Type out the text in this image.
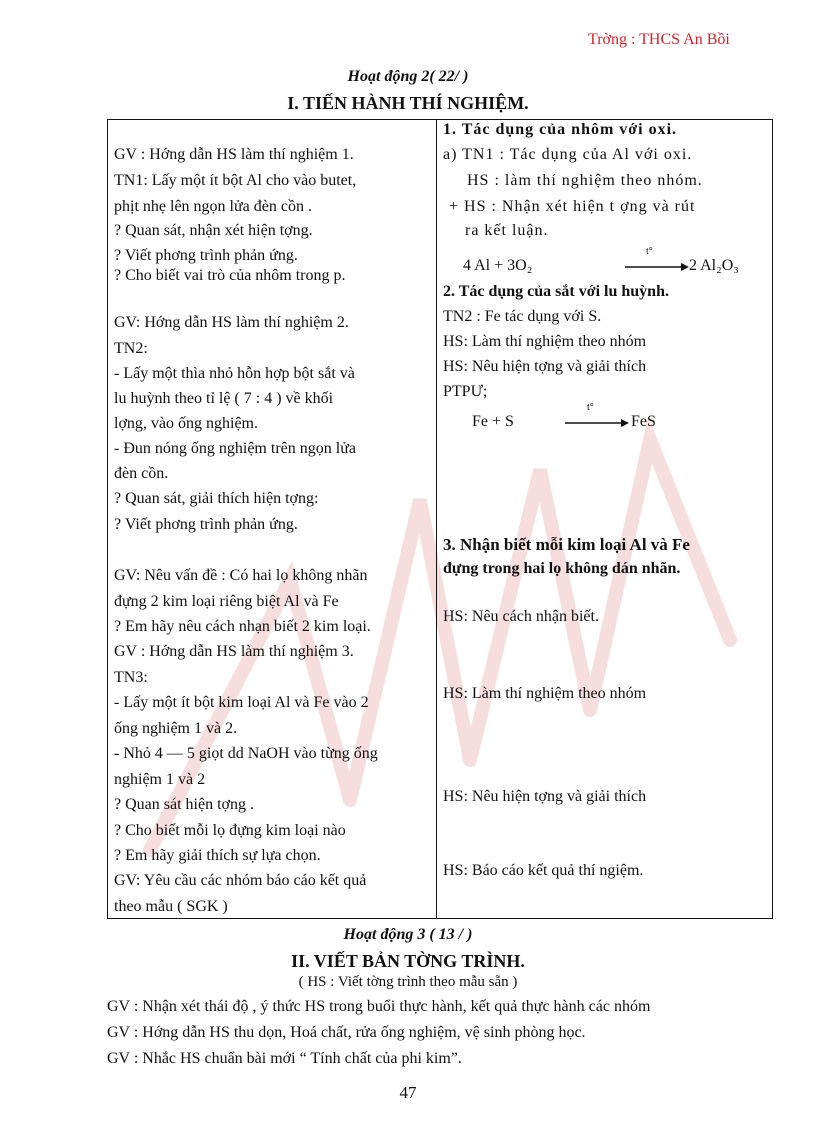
Trờng : THCS An Bồi
Hoạt động 2( 22/ )
I. TIẾN HÀNH THÍ NGHIỆM.
GV : Hớng dẫn HS làm thí nghiệm 1.
TN1: Lấy một ít bột Al cho vào butet,
phịt nhẹ lên ngọn lửa đèn cồn .
? Quan sát, nhận xét hiện tợng.
? Viết phơng trình phản ứng.
? Cho biết vai trò của nhôm trong p.
GV: Hớng dẫn HS làm thí nghiệm 2.
TN2:
- Lấy một thìa nhỏ hỗn hợp bột sắt và
lu huỳnh theo tỉ lệ ( 7 : 4 ) về khối
lợng, vào ống nghiệm.
- Đun nóng ống nghiệm trên ngọn lửa
đèn cồn.
? Quan sát, giải thích hiện tợng:
? Viết phơng trình phản ứng.
GV: Nêu vấn đề : Có hai lọ không nhãn
đựng 2 kim loại riêng biệt Al và Fe
? Em hãy nêu cách nhạn biết 2 kim loại.
GV : Hớng dẫn HS làm thí nghiệm 3.
TN3:
- Lấy một ít bột kim loại Al và Fe vào 2
ống nghiệm 1 và 2.
- Nhỏ 4 — 5 giọt dd NaOH vào từng ống
nghiệm 1 và 2
? Quan sát hiện tợng .
? Cho biết mỗi lọ đựng kim loại nào
? Em hãy giải thích sự lựa chọn.
GV: Yêu cầu các nhóm báo cáo kết quả
theo mẫu ( SGK )
1. Tác dụng của nhôm với oxi.
a) TN1 : Tác dụng của Al với oxi.
HS : làm thí nghiệm theo nhóm.
+ HS : Nhận xét hiện t ợng và rút
ra kết luận.
4 Al + 3O₂
t°
2 Al₂O₃
2. Tác dụng của sắt với lu huỳnh.
TN2 : Fe tác dụng với S.
HS: Làm thí nghiệm theo nhóm
HS: Nêu hiện tợng và giải thích
PTPƯ;
Fe + S
t°
FeS
3. Nhận biết mỗi kim loại Al và Fe
đựng trong hai lọ không dán nhãn.
HS: Nêu cách nhận biết.
HS: Làm thí nghiệm theo nhóm
HS: Nêu hiện tợng và giải thích
HS: Báo cáo kết quả thí ngiệm.
Hoạt động 3 ( 13 / )
II. VIẾT BẢN TỜNG TRÌNH.
( HS : Viết tờng trình theo mẫu sẵn )
GV : Nhận xét thái độ , ý thức HS trong buổi thực hành, kết quả thực hành các nhóm
GV : Hớng dẫn HS thu dọn, Hoá chất, rửa ống nghiệm, vệ sinh phòng học.
GV : Nhắc HS chuẩn bài mới “ Tính chất của phi kim”.
47
